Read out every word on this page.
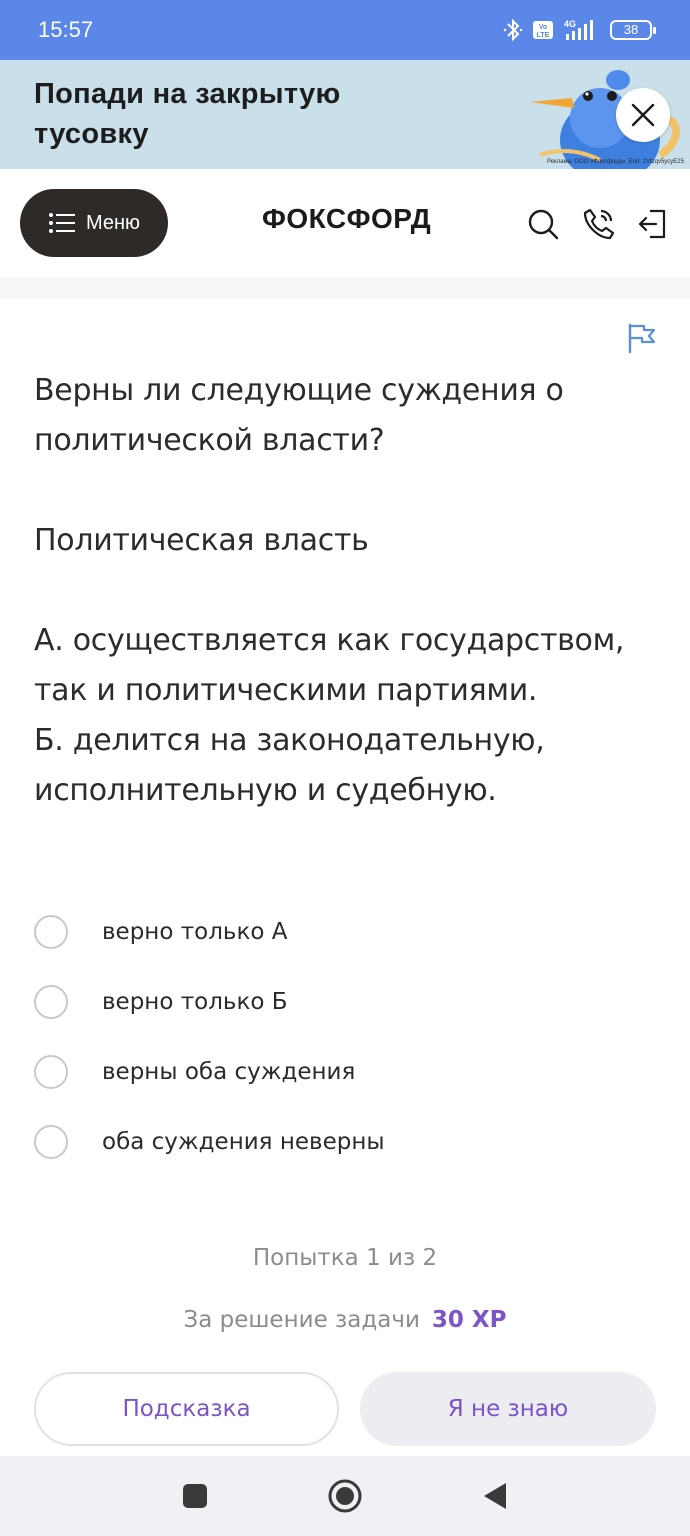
15:57	Vo
LTE
4G	38
Попади на закрытую тусовку
Реклама. ООО «Фоксфорд». Erid: 2Vtzqv5ycyE25
Меню	ФОКСФОРД
Верны ли следующие суждения о политической власти?
Политическая власть
А. осуществляется как государством, так и политическими партиями.
Б. делится на законодательную, исполнительную и судебную.
верно только А
верно только Б
верны оба суждения
оба суждения неверны
Попытка 1 из 2
За решение задачи 30 XP
Подсказка	Я не знаю
